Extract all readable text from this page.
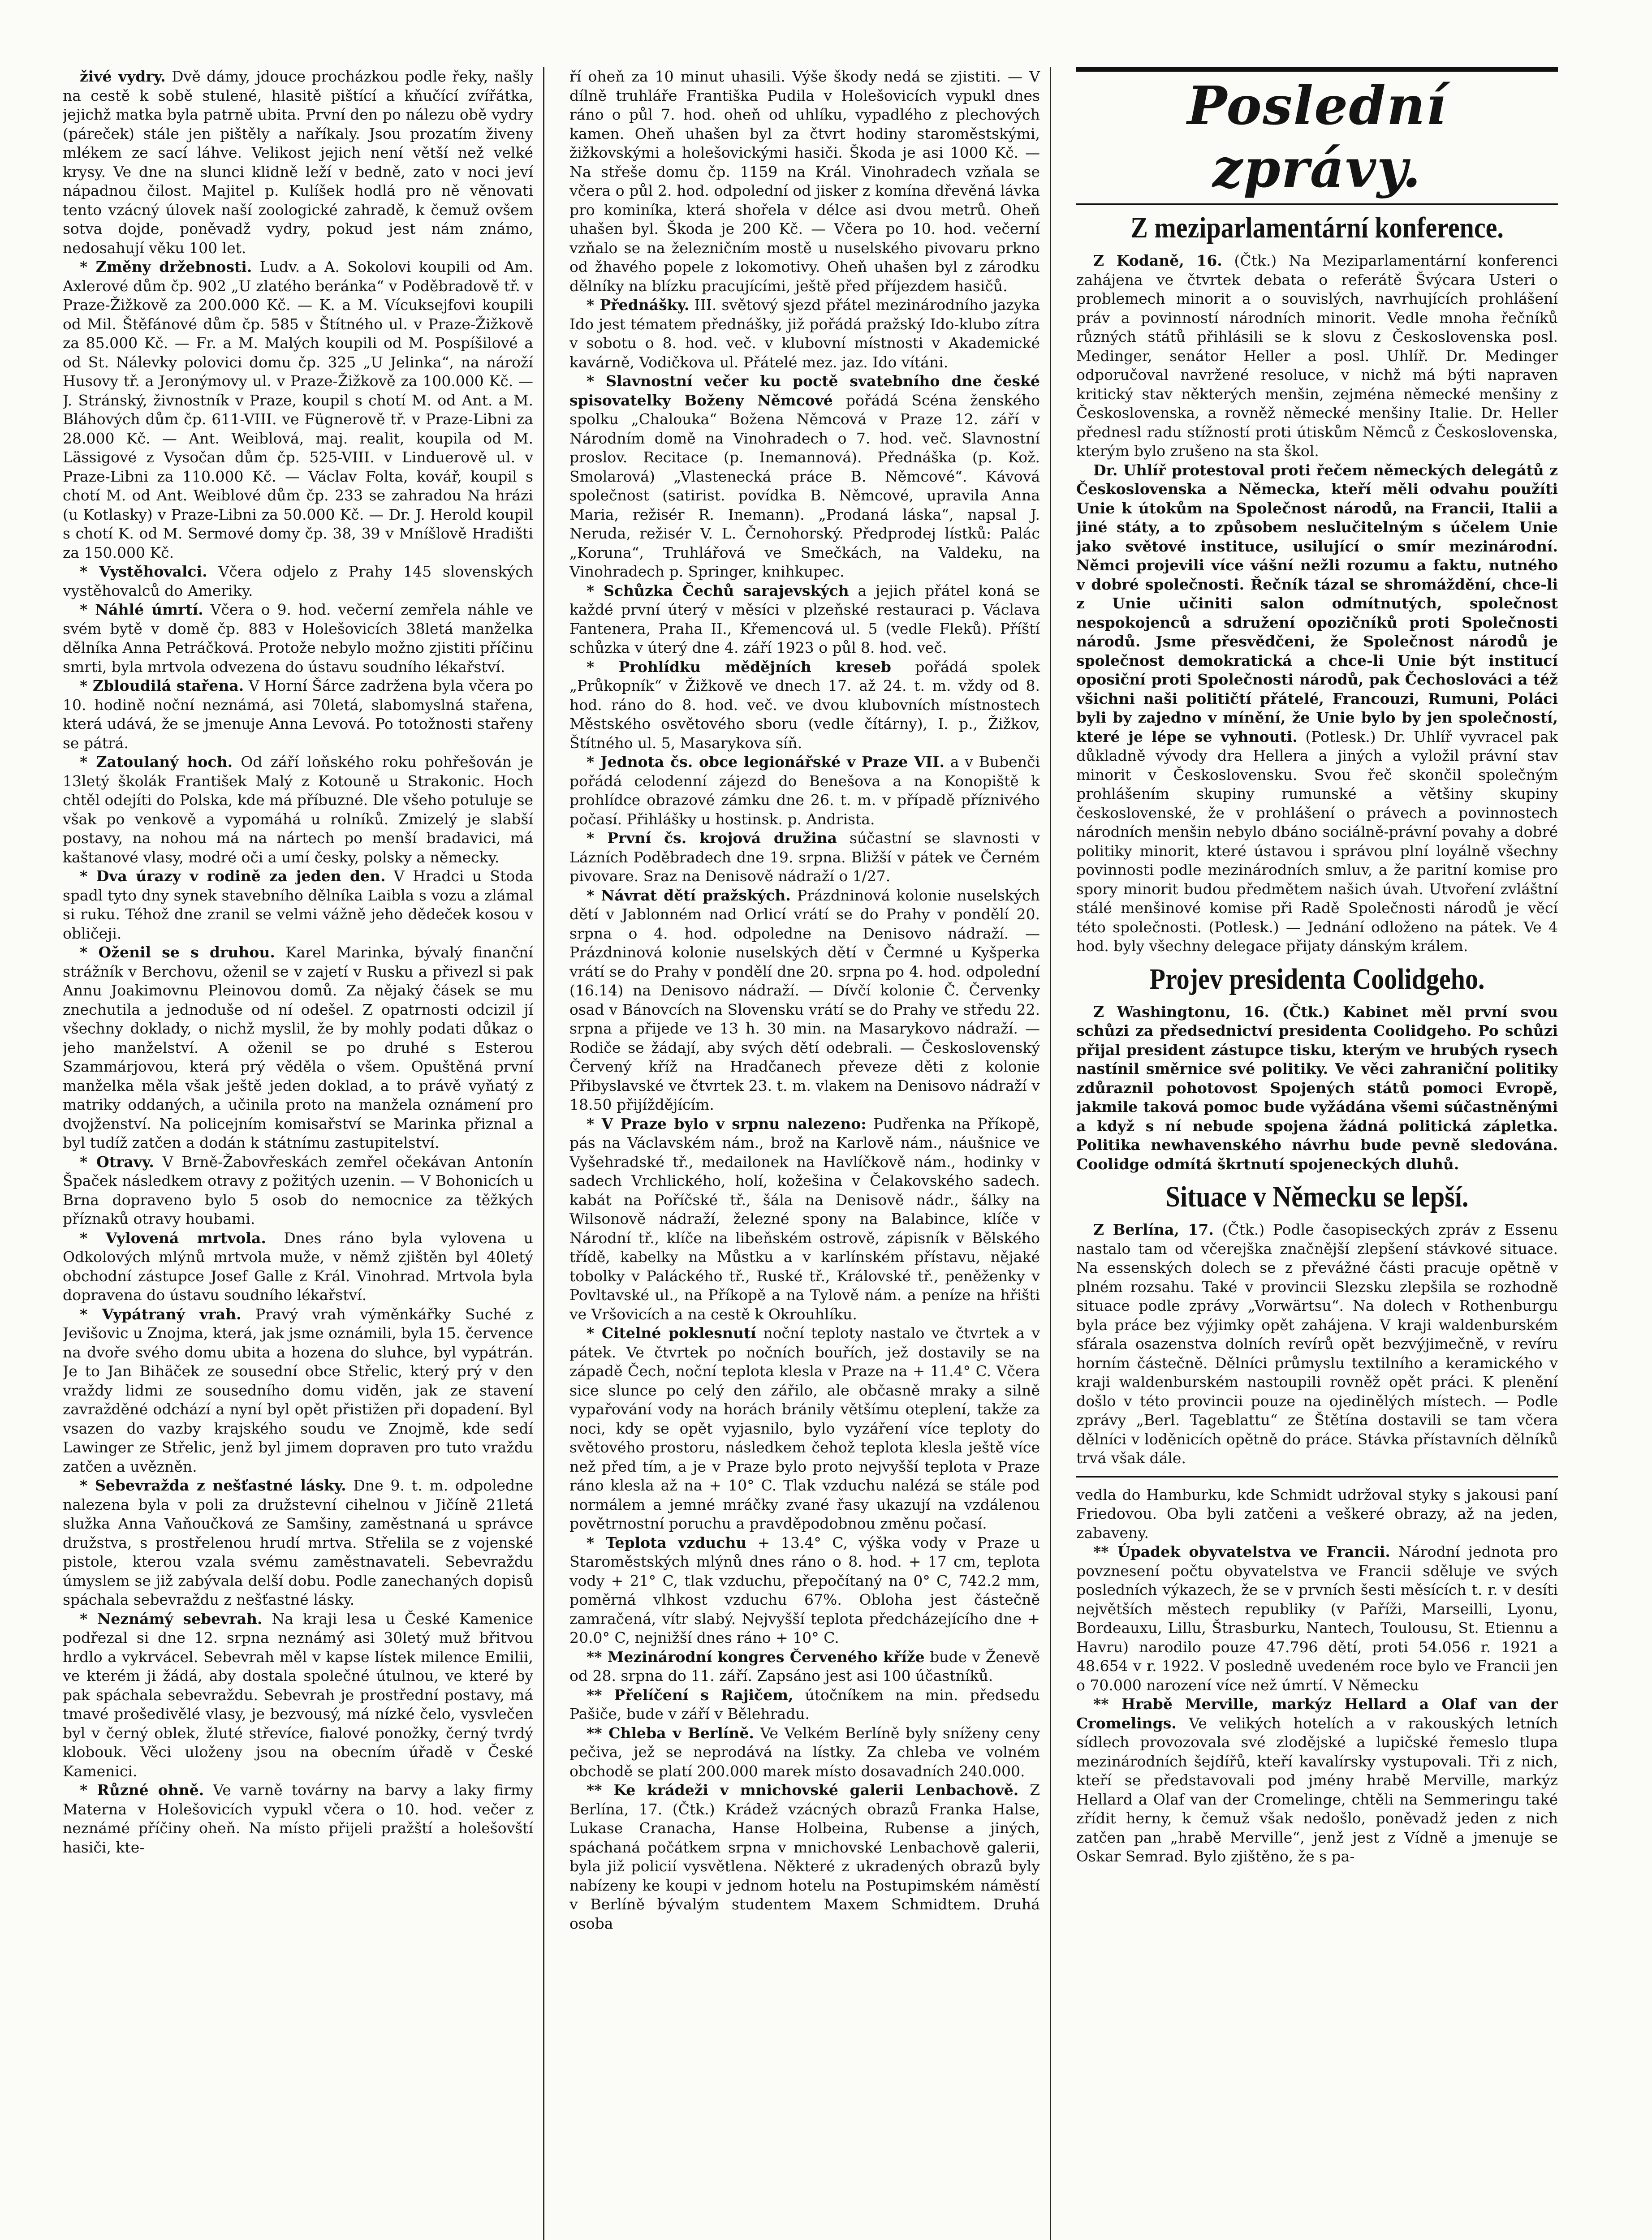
živé vydry. Dvě dámy, jdouce procházkou podle řeky, našly na cestě k sobě stulené, hlasitě pištící a kňučící zvířátka, jejichž matka byla patrně ubita. První den po nálezu obě vydry (páreček) stále jen pištěly a naříkaly. Jsou prozatím živeny mlékem ze sací láhve. Velikost jejich není větší než velké krysy. Ve dne na slunci klidně leží v bedně, zato v noci jeví nápadnou čilost. Majitel p. Kulíšek hodlá pro ně věnovati tento vzácný úlovek naší zoologické zahradě, k čemuž ovšem sotva dojde, poněvadž vydry, pokud jest nám známo, nedosahují věku 100 let.

* Změny držebnosti. Ludv. a A. Sokolovi koupili od Am. Axlerové dům čp. 902 „U zlatého beránka“ v Poděbradově tř. v Praze-Žižkově za 200.000 Kč. — K. a M. Vícuksejfovi koupili od Mil. Štěfánové dům čp. 585 v Štítného ul. v Praze-Žižkově za 85.000 Kč. — Fr. a M. Malých koupili od M. Pospíšilové a od St. Nálevky polovici domu čp. 325 „U Jelinka“, na nároží Husovy tř. a Jeronýmovy ul. v Praze-Žižkově za 100.000 Kč. — J. Stránský, živnostník v Praze, koupil s chotí M. od Ant. a M. Bláhových dům čp. 611-VIII. ve Fügnerově tř. v Praze-Libni za 28.000 Kč. — Ant. Weiblová, maj. realit, koupila od M. Lässigové z Vysočan dům čp. 525-VIII. v Linduerově ul. v Praze-Libni za 110.000 Kč. — Václav Folta, kovář, koupil s chotí M. od Ant. Weiblové dům čp. 233 se zahradou Na hrázi (u Kotlasky) v Praze-Libni za 50.000 Kč. — Dr. J. Herold koupil s chotí K. od M. Sermové domy čp. 38, 39 v Mníšlově Hradišti za 150.000 Kč.

* Vystěhovalci. Včera odjelo z Prahy 145 slovenských vystěhovalců do Ameriky.

* Náhlé úmrtí. Včera o 9. hod. večerní zemřela náhle ve svém bytě v domě čp. 883 v Holešovicích 38letá manželka dělníka Anna Petráčková. Protože nebylo možno zjistiti příčinu smrti, byla mrtvola odvezena do ústavu soudního lékařství.

* Zbloudilá stařena. V Horní Šárce zadržena byla včera po 10. hodině noční neznámá, asi 70letá, slabomyslná stařena, která udává, že se jmenuje Anna Levová. Po totožnosti stařeny se pátrá.

* Zatoulaný hoch. Od září loňského roku pohřešován je 13letý školák František Malý z Kotouně u Strakonic. Hoch chtěl odejíti do Polska, kde má příbuzné. Dle všeho potuluje se však po venkově a vypomáhá u rolníků. Zmizelý je slabší postavy, na nohou má na nártech po menší bradavici, má kaštanové vlasy, modré oči a umí česky, polsky a německy.

* Dva úrazy v rodině za jeden den. V Hradci u Stoda spadl tyto dny synek stavebního dělníka Laibla s vozu a zlámal si ruku. Téhož dne zranil se velmi vážně jeho dědeček kosou v obličeji.

* Oženil se s druhou. Karel Marinka, bývalý finanční strážník v Berchovu, oženil se v zajetí v Rusku a přivezl si pak Annu Joakimovnu Pleinovou domů. Za nějaký čásek se mu znechutila a jednoduše od ní odešel. Z opatrnosti odcizil jí všechny doklady, o nichž myslil, že by mohly podati důkaz o jeho manželství. A oženil se po druhé s Esterou Szammárjovou, která prý věděla o všem. Opuštěná první manželka měla však ještě jeden doklad, a to právě vyňatý z matriky oddaných, a učinila proto na manžela oznámení pro dvojženství. Na policejním komisařství se Marinka přiznal a byl tudíž zatčen a dodán k státnímu zastupitelství.

* Otravy. V Brně-Žabovřeskách zemřel očekávan Antonín Špaček následkem otravy z požitých uzenin. — V Bohonicích u Brna dopraveno bylo 5 osob do nemocnice za těžkých příznaků otravy houbami.

* Vylovená mrtvola. Dnes ráno byla vylovena u Odkolových mlýnů mrtvola muže, v němž zjištěn byl 40letý obchodní zástupce Josef Galle z Král. Vinohrad. Mrtvola byla dopravena do ústavu soudního lékařství.

* Vypátraný vrah. Pravý vrah výměnkářky Suché z Jevišovic u Znojma, která, jak jsme oznámili, byla 15. července na dvoře svého domu ubita a hozena do sluhce, byl vypátrán. Je to Jan Bihäček ze sousední obce Střelic, který prý v den vraždy lidmi ze sousedního domu viděn, jak ze stavení zavražděné odchází a nyní byl opět přistižen při dopadení. Byl vsazen do vazby krajského soudu ve Znojmě, kde sedí Lawinger ze Střelic, jenž byl jimem dopraven pro tuto vraždu zatčen a uvězněn.

* Sebevražda z nešťastné lásky. Dne 9. t. m. odpoledne nalezena byla v poli za družstevní cihelnou v Jičíně 21letá služka Anna Vaňoučková ze Samšiny, zaměstnaná u správce družstva, s prostřelenou hrudí mrtva. Střelila se z vojenské pistole, kterou vzala svému zaměstnavateli. Sebevraždu úmyslem se již zabývala delší dobu. Podle zanechaných dopisů spáchala sebevraždu z nešťastné lásky.

* Neznámý sebevrah. Na kraji lesa u České Kamenice podřezal si dne 12. srpna neznámý asi 30letý muž břitvou hrdlo a vykrvácel. Sebevrah měl v kapse lístek milence Emilii, ve kterém ji žádá, aby dostala společné útulnou, ve které by pak spáchala sebevraždu. Sebevrah je prostřední postavy, má tmavé prošedivělé vlasy, je bezvousý, má nízké čelo, vysvlečen byl v černý oblek, žluté střevíce, fialové ponožky, černý tvrdý klobouk. Věci uloženy jsou na obecním úřadě v České Kamenici.

* Různé ohně. Ve varně továrny na barvy a laky firmy Materna v Holešovicích vypukl včera o 10. hod. večer z neznámé příčiny oheň. Na místo přijeli pražští a holešovští hasiči, kte-

ří oheň za 10 minut uhasili. Výše škody nedá se zjistiti. — V dílně truhláře Františka Pudila v Holešovicích vypukl dnes ráno o půl 7. hod. oheň od uhlíku, vypadlého z plechových kamen. Oheň uhašen byl za čtvrt hodiny staroměstskými, žižkovskými a holešovickými hasiči. Škoda je asi 1000 Kč. — Na střeše domu čp. 1159 na Král. Vinohradech vzňala se včera o půl 2. hod. odpolední od jisker z komína dřevěná lávka pro kominíka, která shořela v délce asi dvou metrů. Oheň uhašen byl. Škoda je 200 Kč. — Včera po 10. hod. večerní vzňalo se na železničním mostě u nuselského pivovaru prkno od žhavého popele z lokomotivy. Oheň uhašen byl z zárodku dělníky na blízku pracujícími, ještě před příjezdem hasičů.

* Přednášky. III. světový sjezd přátel mezinárodního jazyka Ido jest tématem přednášky, již pořádá pražský Ido-klubo zítra v sobotu o 8. hod. več. v klubovní místnosti v Akademické kavárně, Vodičkova ul. Přátelé mez. jaz. Ido vítáni.

* Slavnostní večer ku poctě svatebního dne české spisovatelky Boženy Němcové pořádá Scéna ženského spolku „Chalouka“ Božena Němcová v Praze 12. září v Národním domě na Vinohradech o 7. hod. več. Slavnostní proslov. Recitace (p. Inemannová). Přednáška (p. Kož. Smolarová) „Vlastenecká práce B. Němcové“. Kávová společnost (satirist. povídka B. Němcové, upravila Anna Maria, režisér R. Inemann). „Prodaná láska“, napsal J. Neruda, režisér V. L. Černohorský. Předprodej lístků: Palác „Koruna“, Truhlářová ve Smečkách, na Valdeku, na Vinohradech p. Springer, knihkupec.

* Schůzka Čechů sarajevských a jejich přátel koná se každé první úterý v měsíci v plzeňské restauraci p. Václava Fantenera, Praha II., Křemencová ul. 5 (vedle Fleků). Příští schůzka v úterý dne 4. září 1923 o půl 8. hod. več.

* Prohlídku mědějních kreseb pořádá spolek „Průkopník“ v Žižkově ve dnech 17. až 24. t. m. vždy od 8. hod. ráno do 8. hod. več. ve dvou klubovních místnostech Městského osvětového sboru (vedle čítárny), I. p., Žižkov, Štítného ul. 5, Masarykova síň.

* Jednota čs. obce legionářské v Praze VII. a v Bubenči pořádá celodenní zájezd do Benešova a na Konopiště k prohlídce obrazové zámku dne 26. t. m. v případě příznivého počasí. Přihlášky u hostinsk. p. Andrista.

* První čs. krojová družina súčastní se slavnosti v Lázních Poděbradech dne 19. srpna. Bližší v pátek ve Černém pivovare. Sraz na Denisově nádraží o 1/27.

* Návrat dětí pražských. Prázdninová kolonie nuselských dětí v Jablonném nad Orlicí vrátí se do Prahy v pondělí 20. srpna o 4. hod. odpoledne na Denisovo nádraží. — Prázdninová kolonie nuselských dětí v Čermné u Kyšperka vrátí se do Prahy v pondělí dne 20. srpna po 4. hod. odpolední (16.14) na Denisovo nádraží. — Dívčí kolonie Č. Červenky osad v Bánovcích na Slovensku vrátí se do Prahy ve středu 22. srpna a přijede ve 13 h. 30 min. na Masarykovo nádraží. — Rodiče se žádají, aby svých dětí odebrali. — Československý Červený kříž na Hradčanech převeze děti z kolonie Přibyslavské ve čtvrtek 23. t. m. vlakem na Denisovo nádraží v 18.50 přijíždějícím.

* V Praze bylo v srpnu nalezeno: Pudřenka na Příkopě, pás na Václavském nám., brož na Karlově nám., náušnice ve Vyšehradské tř., medailonek na Havlíčkově nám., hodinky v sadech Vrchlického, holí, kožešina v Čelakovského sadech. kabát na Poříčské tř., šála na Denisově nádr., šálky na Wilsonově nádraží, železné spony na Balabince, klíče v Národní tř., klíče na libeňském ostrově, zápisník v Bělského třídě, kabelky na Můstku a v karlínském přístavu, nějaké tobolky v Paláckého tř., Ruské tř., Královské tř., peněženky v Povltavské ul., na Příkopě a na Tylově nám. a peníze na hřišti ve Vršovicích a na cestě k Okrouhlíku.

* Citelné poklesnutí noční teploty nastalo ve čtvrtek a v pátek. Ve čtvrtek po nočních bouřích, jež dostavily se na západě Čech, noční teplota klesla v Praze na + 11.4° C. Včera sice slunce po celý den zářilo, ale občasně mraky a silně vypařování vody na horách bránily většímu oteplení, takže za noci, kdy se opět vyjasnilo, bylo vyzáření více teploty do světového prostoru, následkem čehož teplota klesla ještě více než před tím, a je v Praze bylo proto nejvyšší teplota v Praze ráno klesla až na + 10° C. Tlak vzduchu nalézá se stále pod normálem a jemné mráčky zvané řasy ukazují na vzdálenou povětrnostní poruchu a pravděpodobnou změnu počasí.

* Teplota vzduchu + 13.4° C, výška vody v Praze u Staroměstských mlýnů dnes ráno o 8. hod. + 17 cm, teplota vody + 21° C, tlak vzduchu, přepočítaný na 0° C, 742.2 mm, poměrná vlhkost vzduchu 67%. Obloha jest částečně zamračená, vítr slabý. Nejvyšší teplota předcházejícího dne + 20.0° C, nejnižší dnes ráno + 10° C.

** Mezinárodní kongres Červeného kříže bude v Ženevě od 28. srpna do 11. září. Zapsáno jest asi 100 účastníků.

** Přelíčení s Rajičem, útočníkem na min. předsedu Pašiče, bude v září v Bělehradu.

** Chleba v Berlíně. Ve Velkém Berlíně byly sníženy ceny pečiva, jež se neprodává na lístky. Za chleba ve volném obchodě se platí 200.000 marek místo dosavadních 240.000.

** Ke krádeži v mnichovské galerii Lenbachově. Z Berlína, 17. (Čtk.) Krádež vzácných obrazů Franka Halse, Lukase Cranacha, Hanse Holbeina, Rubense a jiných, spáchaná počátkem srpna v mnichovské Lenbachově galerii, byla již policií vysvětlena. Některé z ukradených obrazů byly nabízeny ke koupi v jednom hotelu na Postupimském náměstí v Berlíně bývalým studentem Maxem Schmidtem. Druhá osoba

Poslední zprávy.
Z meziparlamentární konference.

Z Kodaně, 16. (Čtk.) Na Meziparlamentární konferenci zahájena ve čtvrtek debata o referátě Švýcara Usteri o problemech minorit a o souvislých, navrhujících prohlášení práv a povinností národních minorit. Vedle mnoha řečníků různých států přihlásili se k slovu z Československa posl. Medinger, senátor Heller a posl. Uhlíř. Dr. Medinger odporučoval navržené resoluce, v nichž má býti napraven kritický stav některých menšin, zejména německé menšiny z Československa, a rovněž německé menšiny Italie. Dr. Heller přednesl radu stížností proti útiskům Němců z Československa, kterým bylo zrušeno na sta škol.

Dr. Uhlíř protestoval proti řečem německých delegátů z Československa a Německa, kteří měli odvahu použíti Unie k útokům na Společnost národů, na Francii, Italii a jiné státy, a to způsobem neslučitelným s účelem Unie jako světové instituce, usilující o smír mezinárodní. Němci projevili více vášní nežli rozumu a faktu, nutného v dobré společnosti. Řečník tázal se shromáždění, chce-li z Unie učiniti salon odmítnutých, společnost nespokojenců a sdružení opozičníků proti Společnosti národů. Jsme přesvědčeni, že Společnost národů je společnost demokratická a chce-li Unie být institucí oposiční proti Společnosti národů, pak Čechoslováci a též všichni naši političtí přátelé, Francouzi, Rumuni, Poláci byli by zajedno v mínění, že Unie bylo by jen společností, které je lépe se vyhnouti. (Potlesk.) Dr. Uhlíř vyvracel pak důkladně vývody dra Hellera a jiných a vyložil právní stav minorit v Československu. Svou řeč skončil společným prohlášením skupiny rumunské a většiny skupiny československé, že v prohlášení o právech a povinnostech národních menšin nebylo dbáno sociálně-právní povahy a dobré politiky minorit, které ústavou i správou plní loyálně všechny povinnosti podle mezinárodních smluv, a že paritní komise pro spory minorit budou předmětem našich úvah. Utvoření zvláštní stálé menšinové komise při Radě Společnosti národů je věcí této společnosti. (Potlesk.) — Jednání odloženo na pátek. Ve 4 hod. byly všechny delegace přijaty dánským králem.

Projev presidenta Coolidgeho.

Z Washingtonu, 16. (Čtk.) Kabinet měl první svou schůzi za předsednictví presidenta Coolidgeho. Po schůzi přijal president zástupce tisku, kterým ve hrubých rysech nastínil směrnice své politiky. Ve věci zahraniční politiky zdůraznil pohotovost Spojených států pomoci Evropě, jakmile taková pomoc bude vyžádána všemi súčastněnými a když s ní nebude spojena žádná politická zápletka. Politika newhavenského návrhu bude pevně sledována. Coolidge odmítá škrtnutí spojeneckých dluhů.

Situace v Německu se lepší.

Z Berlína, 17. (Čtk.) Podle časopiseckých zpráv z Essenu nastalo tam od včerejška značnější zlepšení stávkové situace. Na essenských dolech se z převážné části pracuje opětně v plném rozsahu. Také v provincii Slezsku zlepšila se rozhodně situace podle zprávy „Vorwärtsu“. Na dolech v Rothenburgu byla práce bez výjimky opět zahájena. V kraji waldenburském sfárala osazenstva dolních revírů opět bezvýjimečně, v revíru horním částečně. Dělníci průmyslu textilního a keramického v kraji waldenburském nastoupili rovněž opět práci. K plenění došlo v této provincii pouze na ojedinělých místech. — Podle zprávy „Berl. Tageblattu“ ze Štětína dostavili se tam včera dělníci v loděnicích opětně do práce. Stávka přístavních dělníků trvá však dále.

vedla do Hamburku, kde Schmidt udržoval styky s jakousi paní Friedovou. Oba byli zatčeni a veškeré obrazy, až na jeden, zabaveny.

** Úpadek obyvatelstva ve Francii. Národní jednota pro povznesení počtu obyvatelstva ve Francii sděluje ve svých posledních výkazech, že se v prvních šesti měsících t. r. v desíti největších městech republiky (v Paříži, Marseilli, Lyonu, Bordeauxu, Lillu, Štrasburku, Nantech, Toulousu, St. Etiennu a Havru) narodilo pouze 47.796 dětí, proti 54.056 r. 1921 a 48.654 v r. 1922. V posledně uvedeném roce bylo ve Francii jen o 70.000 narození více než úmrtí. V Německu

** Hrabě Merville, markýz Hellard a Olaf van der Cromelings. Ve velikých hotelích a v rakouských letních sídlech provozovala své zlodějské a lupičské řemeslo tlupa mezinárodních šejdířů, kteří kavalírsky vystupovali. Tři z nich, kteří se představovali pod jmény hrabě Merville, markýz Hellard a Olaf van der Cromelinge, chtěli na Semmeringu také zřídit herny, k čemuž však nedošlo, poněvadž jeden z nich zatčen pan „hrabě Merville“, jenž jest z Vídně a jmenuje se Oskar Semrad. Bylo zjištěno, že s pa-
